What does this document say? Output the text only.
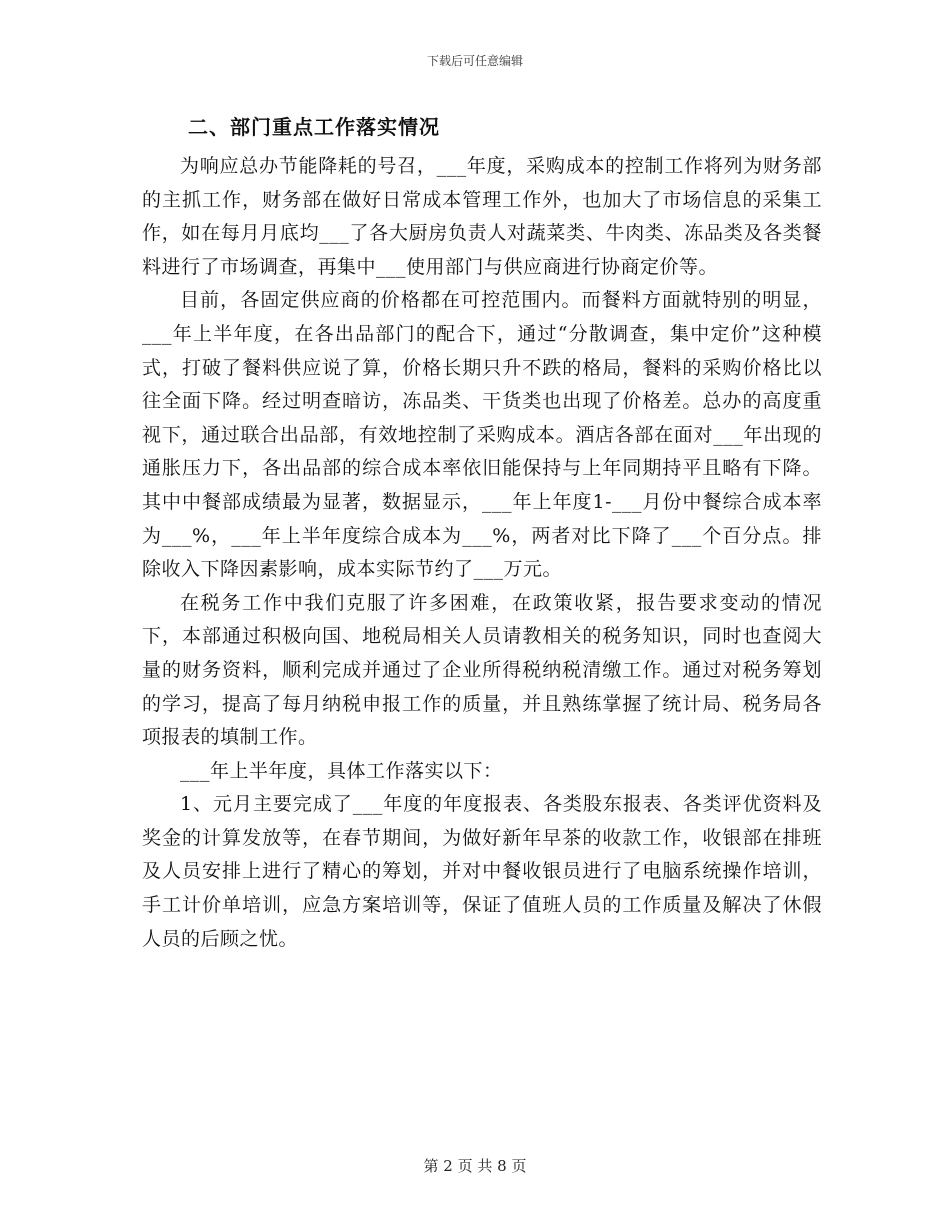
下载后可任意编辑
二、部门重点工作落实情况

为响应总办节能降耗的号召，___年度，采购成本的控制工作将列为财务部的主抓工作，财务部在做好日常成本管理工作外，也加大了市场信息的采集工作，如在每月月底均___了各大厨房负责人对蔬菜类、牛肉类、冻品类及各类餐料进行了市场调查，再集中___使用部门与供应商进行协商定价等。

目前，各固定供应商的价格都在可控范围内。而餐料方面就特别的明显，___年上半年度，在各出品部门的配合下，通过“分散调查，集中定价”这种模式，打破了餐料供应说了算，价格长期只升不跌的格局，餐料的采购价格比以往全面下降。经过明查暗访，冻品类、干货类也出现了价格差。总办的高度重视下，通过联合出品部，有效地控制了采购成本。酒店各部在面对___年出现的通胀压力下，各出品部的综合成本率依旧能保持与上年同期持平且略有下降。其中中餐部成绩最为显著，数据显示，___年上年度1-___月份中餐综合成本率为___%，___年上半年度综合成本为___%，两者对比下降了___个百分点。排除收入下降因素影响，成本实际节约了___万元。

在税务工作中我们克服了许多困难，在政策收紧，报告要求变动的情况下，本部通过积极向国、地税局相关人员请教相关的税务知识，同时也查阅大量的财务资料，顺利完成并通过了企业所得税纳税清缴工作。通过对税务筹划的学习，提高了每月纳税申报工作的质量，并且熟练掌握了统计局、税务局各项报表的填制工作。

___年上半年度，具体工作落实以下：

1、元月主要完成了___年度的年度报表、各类股东报表、各类评优资料及奖金的计算发放等，在春节期间，为做好新年早茶的收款工作，收银部在排班及人员安排上进行了精心的筹划，并对中餐收银员进行了电脑系统操作培训，手工计价单培训，应急方案培训等，保证了值班人员的工作质量及解决了休假人员的后顾之忧。

第 2 页 共 8 页
